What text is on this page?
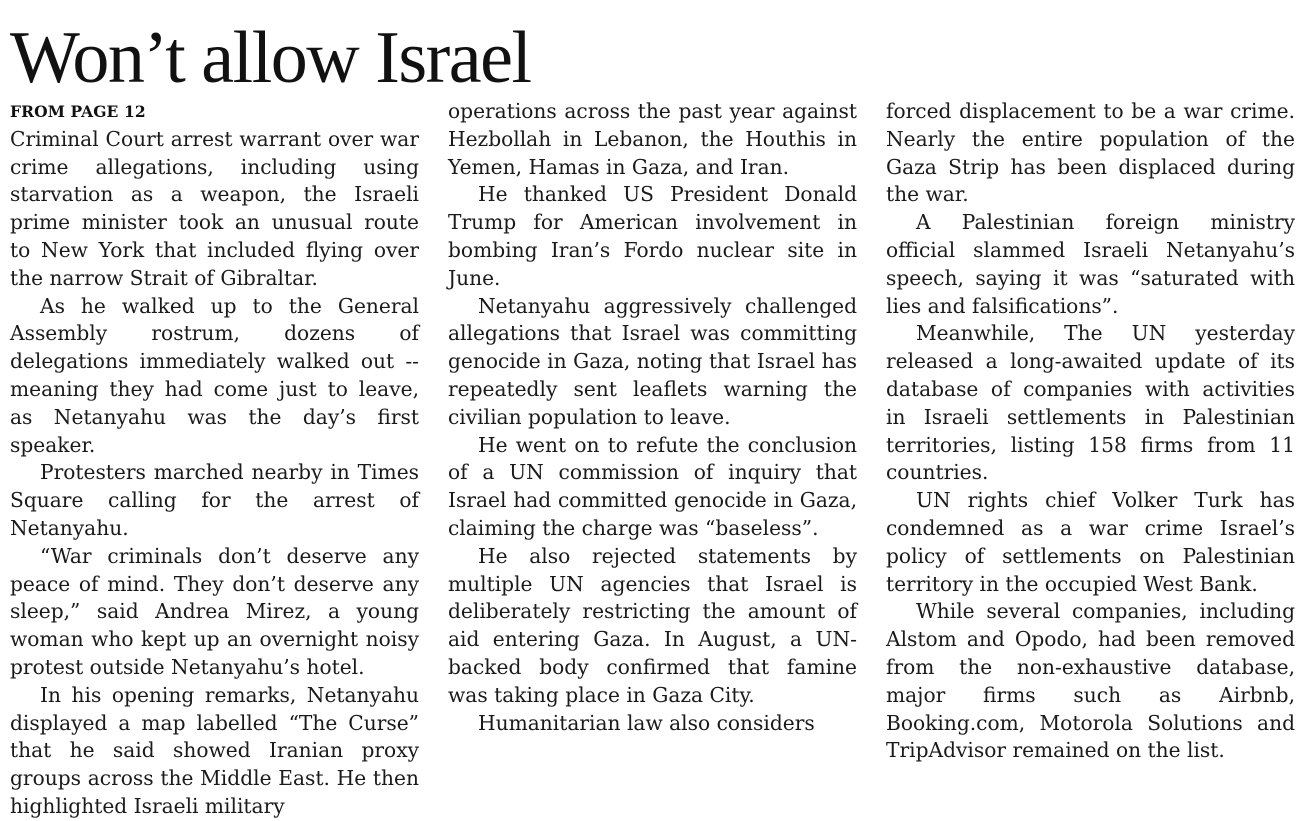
Won’t allow Israel
FROM PAGE 12

Criminal Court arrest warrant over war crime allegations, including using starvation as a weapon, the Israeli prime minister took an unusual route to New York that included flying over the narrow Strait of Gibraltar.

As he walked up to the General Assembly rostrum, dozens of delegations immediately walked out -- meaning they had come just to leave, as Netanyahu was the day’s first speaker.

Protesters marched nearby in Times Square calling for the arrest of Netanyahu.

“War criminals don’t deserve any peace of mind. They don’t deserve any sleep,” said Andrea Mirez, a young woman who kept up an overnight noisy protest outside Netanyahu’s hotel.

In his opening remarks, Netanyahu displayed a map labelled “The Curse” that he said showed Iranian proxy groups across the Middle East. He then highlighted Israeli military

operations across the past year against Hezbollah in Lebanon, the Houthis in Yemen, Hamas in Gaza, and Iran.

He thanked US President Donald Trump for American involvement in bombing Iran’s Fordo nuclear site in June.

Netanyahu aggressively challenged allegations that Israel was committing genocide in Gaza, noting that Israel has repeatedly sent leaflets warning the civilian population to leave.

He went on to refute the conclusion of a UN commission of inquiry that Israel had committed genocide in Gaza, claiming the charge was “baseless”.

He also rejected statements by multiple UN agencies that Israel is deliberately restricting the amount of aid entering Gaza. In August, a UN-backed body confirmed that famine was taking place in Gaza City.

Humanitarian law also considers

forced displacement to be a war crime. Nearly the entire population of the Gaza Strip has been displaced during the war.

A Palestinian foreign ministry official slammed Israeli Netanyahu’s speech, saying it was “saturated with lies and falsifications”.

Meanwhile, The UN yesterday released a long-awaited update of its database of companies with activities in Israeli settlements in Palestinian territories, listing 158 firms from 11 countries.

UN rights chief Volker Turk has condemned as a war crime Israel’s policy of settlements on Palestinian territory in the occupied West Bank.

While several companies, including Alstom and Opodo, had been removed from the non-exhaustive database, major firms such as Airbnb, Booking.com, Motorola Solutions and TripAdvisor remained on the list.
